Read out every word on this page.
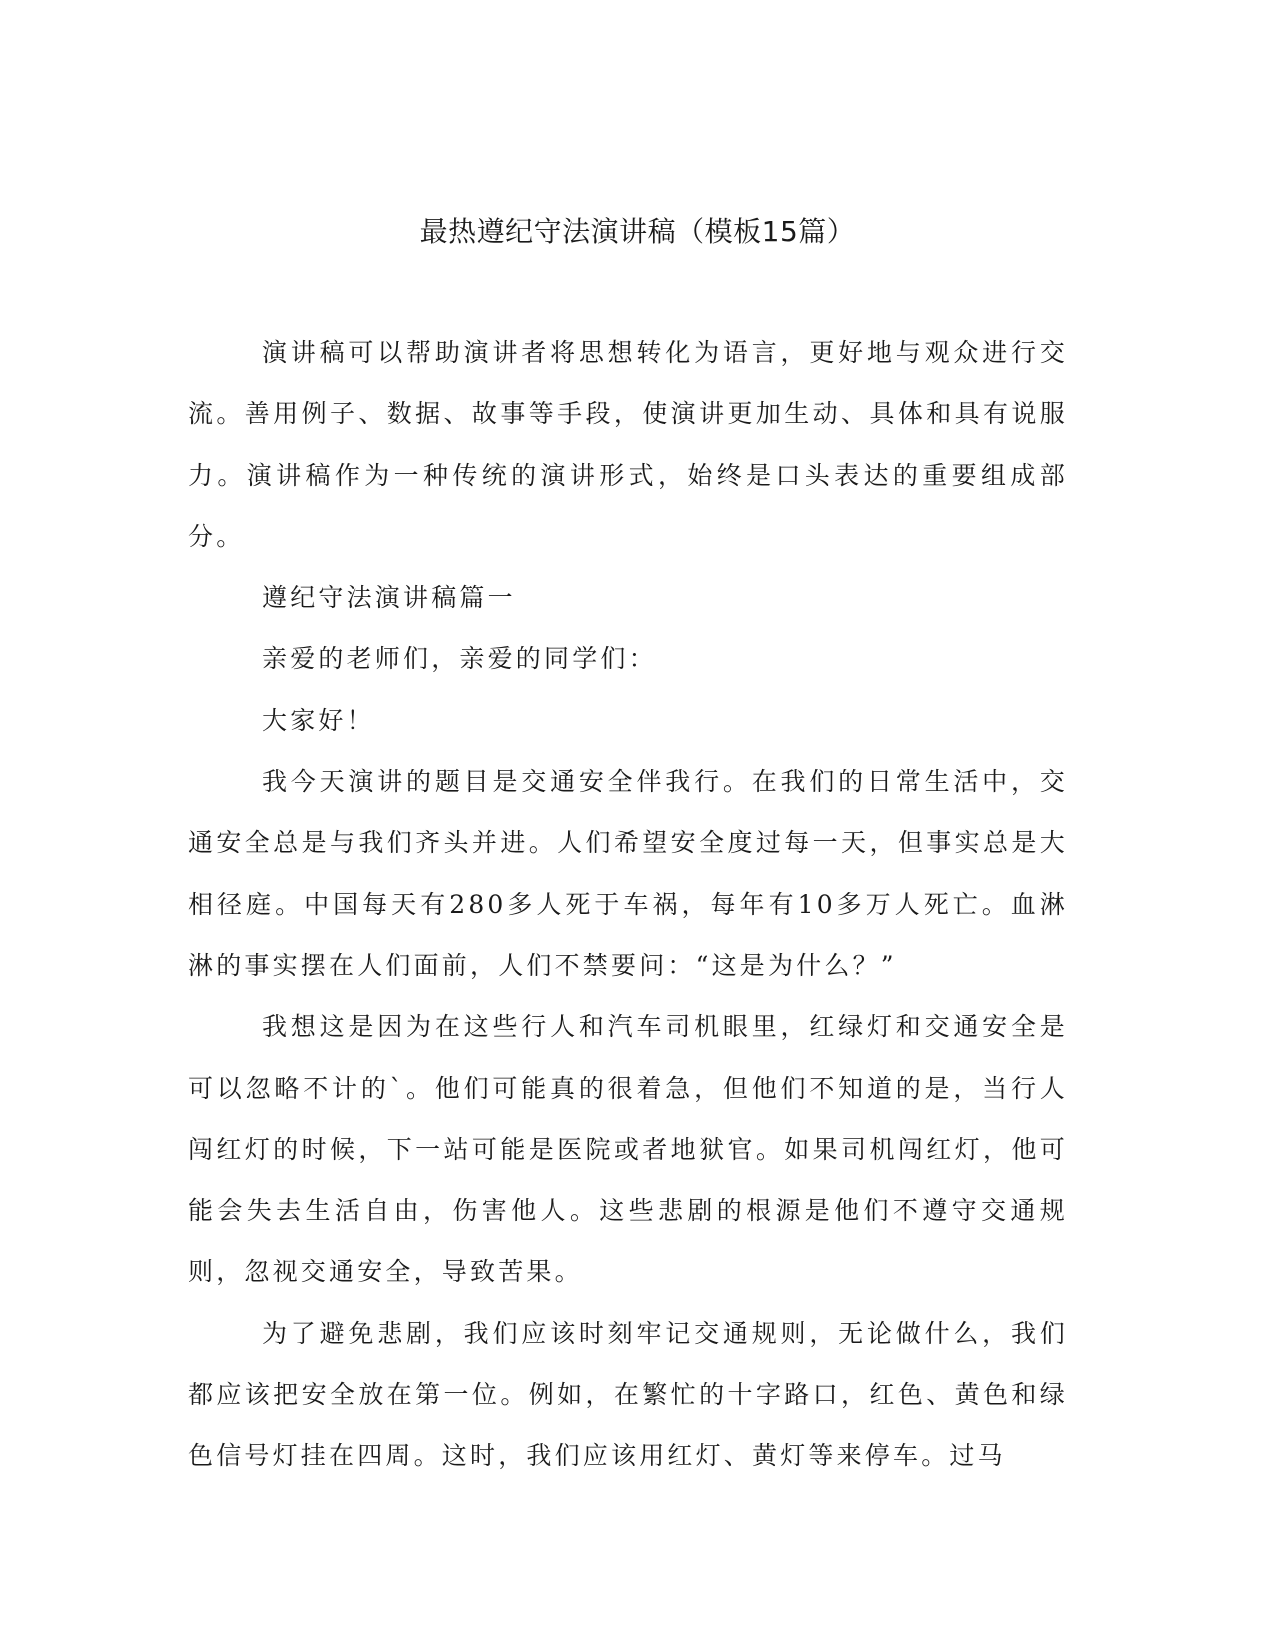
最热遵纪守法演讲稿（模板15篇）

演讲稿可以帮助演讲者将思想转化为语言，更好地与观众进行交流。善用例子、数据、故事等手段，使演讲更加生动、具体和具有说服力。演讲稿作为一种传统的演讲形式，始终是口头表达的重要组成部分。

遵纪守法演讲稿篇一

亲爱的老师们，亲爱的同学们：

大家好！

我今天演讲的题目是交通安全伴我行。在我们的日常生活中，交通安全总是与我们齐头并进。人们希望安全度过每一天，但事实总是大相径庭。中国每天有280多人死于车祸，每年有10多万人死亡。血淋淋的事实摆在人们面前，人们不禁要问：“这是为什么？”

我想这是因为在这些行人和汽车司机眼里，红绿灯和交通安全是可以忽略不计的`。他们可能真的很着急，但他们不知道的是，当行人闯红灯的时候，下一站可能是医院或者地狱官。如果司机闯红灯，他可能会失去生活自由，伤害他人。这些悲剧的根源是他们不遵守交通规则，忽视交通安全，导致苦果。

为了避免悲剧，我们应该时刻牢记交通规则，无论做什么，我们都应该把安全放在第一位。例如，在繁忙的十字路口，红色、黄色和绿色信号灯挂在四周。这时，我们应该用红灯、黄灯等来停车。过马
